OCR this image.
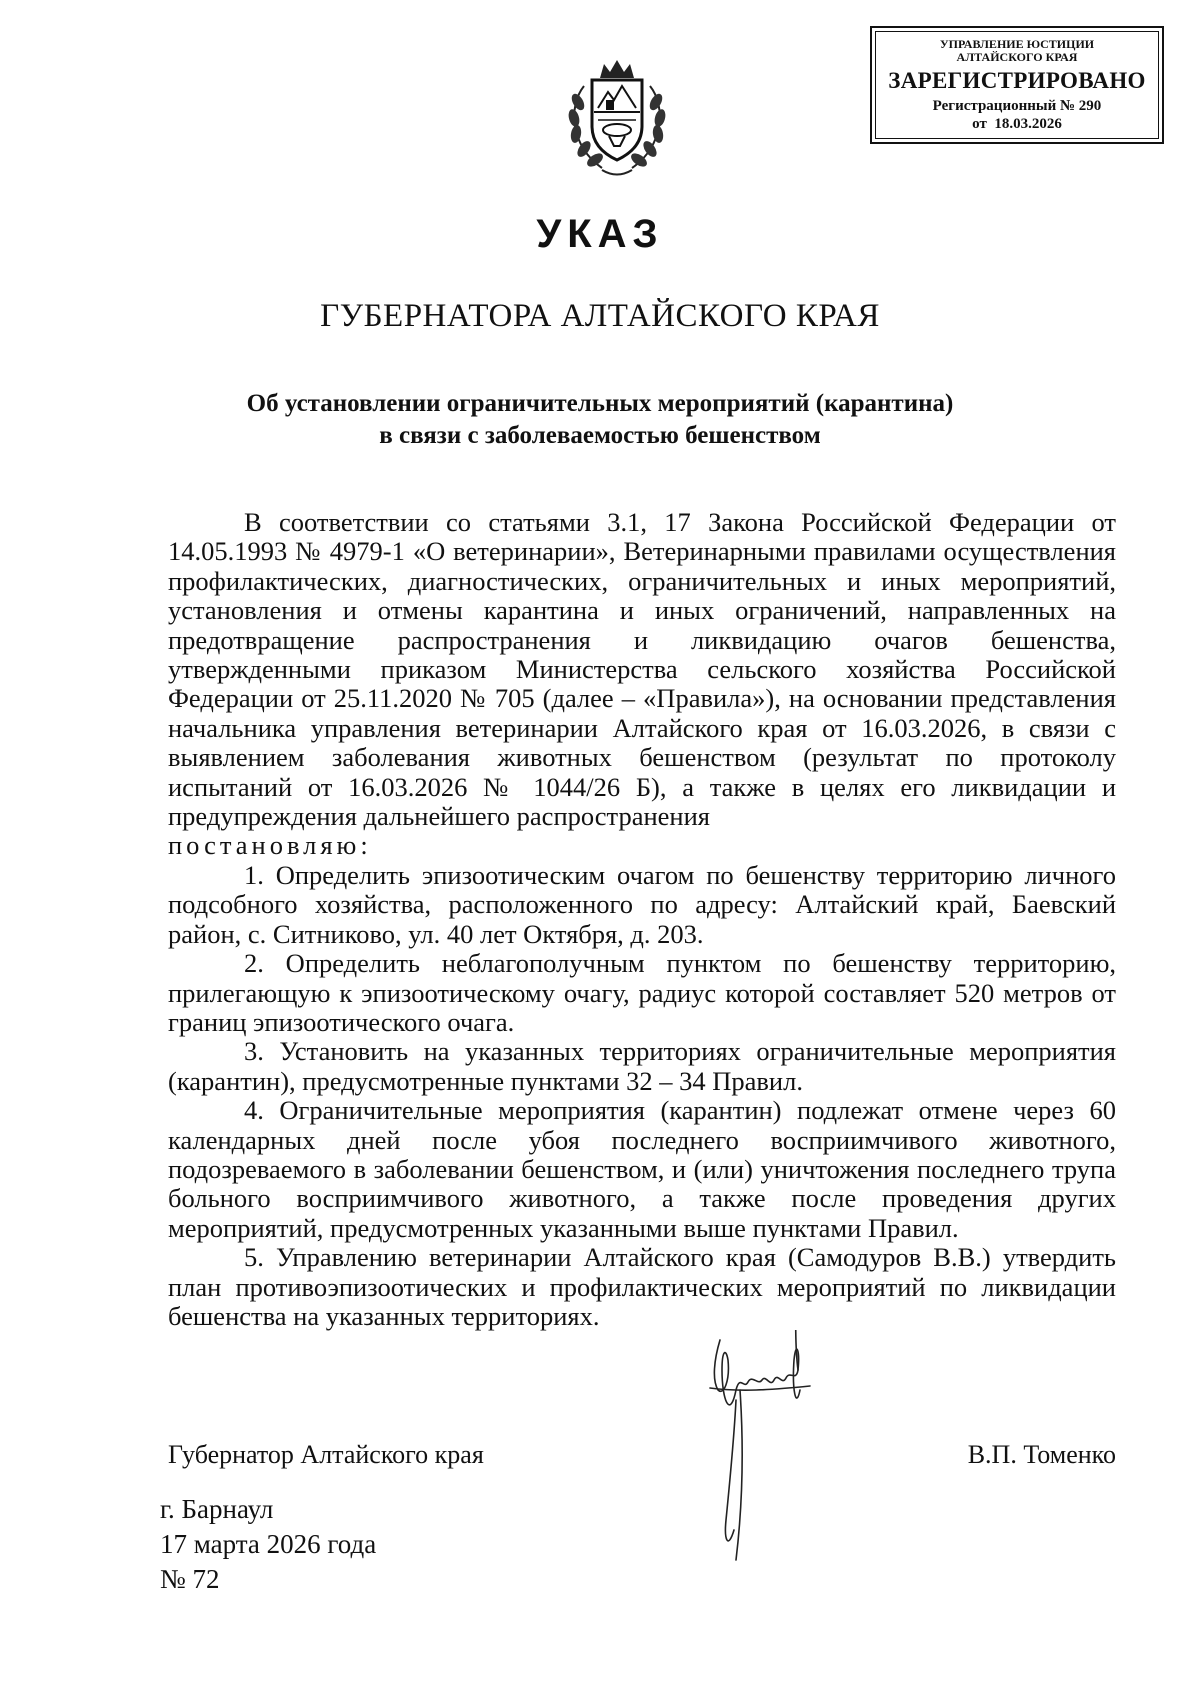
УПРАВЛЕНИЕ ЮСТИЦИИ
АЛТАЙСКОГО КРАЯ
ЗАРЕГИСТРИРОВАНО
Регистрационный № 290
от  18.03.2026
УКАЗ
ГУБЕРНАТОРА АЛТАЙСКОГО КРАЯ
Об установлении ограничительных мероприятий (карантина)
в связи с заболеваемостью бешенством

В соответствии со статьями 3.1, 17 Закона Российской Федерации от 14.05.1993 № 4979-1 «О ветеринарии», Ветеринарными правилами осуществления профилактических, диагностических, ограничительных и иных мероприятий, установления и отмены карантина и иных ограничений, направленных на предотвращение распространения и ликвидацию очагов бешенства, утвержденными приказом Министерства сельского хозяйства Российской Федерации от 25.11.2020 № 705 (далее – «Правила»), на основании представления начальника управления ветеринарии Алтайского края от 16.03.2026, в связи с выявлением заболевания животных бешенством (результат по протоколу испытаний от 16.03.2026 № 1044/26 Б), а также в целях его ликвидации и предупреждения дальнейшего распространения

постановляю:

1. Определить эпизоотическим очагом по бешенству территорию личного подсобного хозяйства, расположенного по адресу: Алтайский край, Баевский район, с. Ситниково, ул. 40 лет Октября, д. 203.

2. Определить неблагополучным пунктом по бешенству территорию, прилегающую к эпизоотическому очагу, радиус которой составляет 520 метров от границ эпизоотического очага.

3. Установить на указанных территориях ограничительные мероприятия (карантин), предусмотренные пунктами 32 – 34 Правил.

4. Ограничительные мероприятия (карантин) подлежат отмене через 60 календарных дней после убоя последнего восприимчивого животного, подозреваемого в заболевании бешенством, и (или) уничтожения последнего трупа больного восприимчивого животного, а также после проведения других мероприятий, предусмотренных указанными выше пунктами Правил.

5. Управлению ветеринарии Алтайского края (Самодуров В.В.) утвердить план противоэпизоотических и профилактических мероприятий по ликвидации бешенства на указанных территориях.

Губернатор Алтайского края	В.П. Томенко
г. Барнаул
17 марта 2026 года
№ 72
